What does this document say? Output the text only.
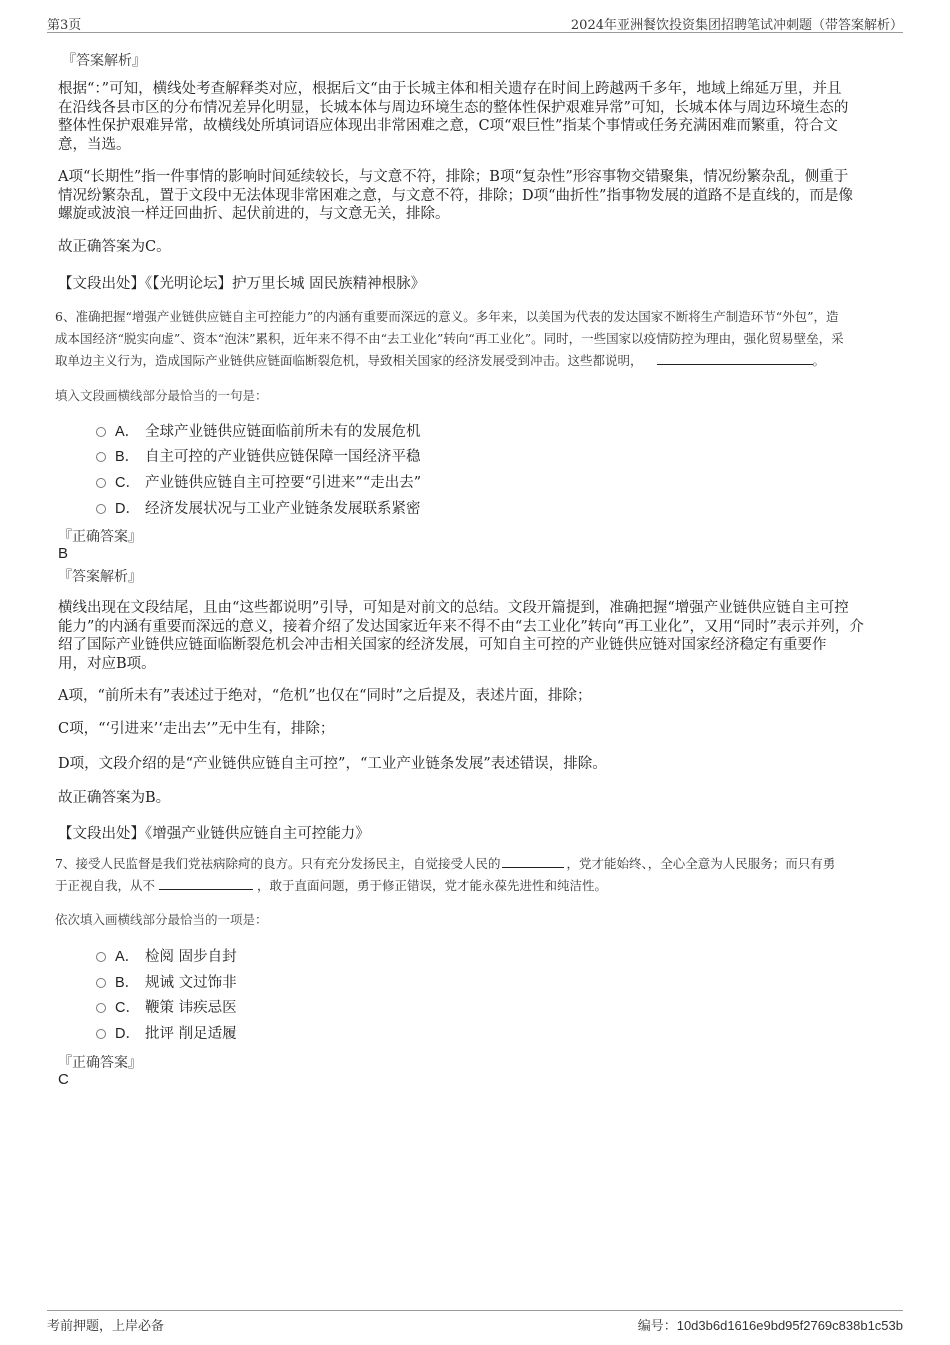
第3页	2024年亚洲餐饮投资集团招聘笔试冲刺题（带答案解析）
『答案解析』
根据“：”可知，横线处考查解释类对应，根据后文“由于长城主体和相关遗存在时间上跨越两千多年，地域上绵延万里，并且
在沿线各县市区的分布情况差异化明显，长城本体与周边环境生态的整体性保护艰难异常”可知，长城本体与周边环境生态的
整体性保护艰难异常，故横线处所填词语应体现出非常困难之意，C项“艰巨性”指某个事情或任务充满困难而繁重，符合文
意，当选。
A项“长期性”指一件事情的影响时间延续较长，与文意不符，排除；B项“复杂性”形容事物交错聚集，情况纷繁杂乱，侧重于
情况纷繁杂乱，置于文段中无法体现非常困难之意，与文意不符，排除；D项“曲折性”指事物发展的道路不是直线的，而是像
螺旋或波浪一样迂回曲折、起伏前进的，与文意无关，排除。
故正确答案为C。
【文段出处】《【光明论坛】护万里长城 固民族精神根脉》
6、准确把握“增强产业链供应链自主可控能力”的内涵有重要而深远的意义。多年来，以美国为代表的发达国家不断将生产制造环节“外包”，造
成本国经济“脱实向虚”、资本“泡沫”累积，近年来不得不由“去工业化”转向“再工业化”。同时，一些国家以疫情防控为理由，强化贸易壁垒，采
取单边主义行为，造成国际产业链供应链面临断裂危机，导致相关国家的经济发展受到冲击。这些都说明，	。
填入文段画横线部分最恰当的一句是：
A． 全球产业链供应链面临前所未有的发展危机
B． 自主可控的产业链供应链保障一国经济平稳
C． 产业链供应链自主可控要“引进来”“走出去”
D． 经济发展状况与工业产业链条发展联系紧密
『正确答案』
B
『答案解析』
横线出现在文段结尾，且由“这些都说明”引导，可知是对前文的总结。文段开篇提到，准确把握“增强产业链供应链自主可控
能力”的内涵有重要而深远的意义，接着介绍了发达国家近年来不得不由“去工业化”转向“再工业化”，又用“同时”表示并列，介
绍了国际产业链供应链面临断裂危机会冲击相关国家的经济发展，可知自主可控的产业链供应链对国家经济稳定有重要作
用，对应B项。
A项，“前所未有”表述过于绝对，“危机”也仅在“同时”之后提及，表述片面，排除；
C项，“‘引进来’‘走出去’”无中生有，排除；
D项，文段介绍的是“产业链供应链自主可控”，“工业产业链条发展”表述错误，排除。
故正确答案为B。
【文段出处】《增强产业链供应链自主可控能力》
7、接受人民监督是我们党祛病除疴的良方。只有充分发扬民主，自觉接受人民的	，党才能始终、，全心全意为人民服务；而只有勇
于正视自我，从不	，敢于直面问题，勇于修正错误，党才能永葆先进性和纯洁性。
依次填入画横线部分最恰当的一项是：
A． 检阅 固步自封
B． 规诫 文过饰非
C． 鞭策 讳疾忌医
D． 批评 削足适履
『正确答案』
C
考前押题，上岸必备	编号：10d3b6d1616e9bd95f2769c838b1c53b
